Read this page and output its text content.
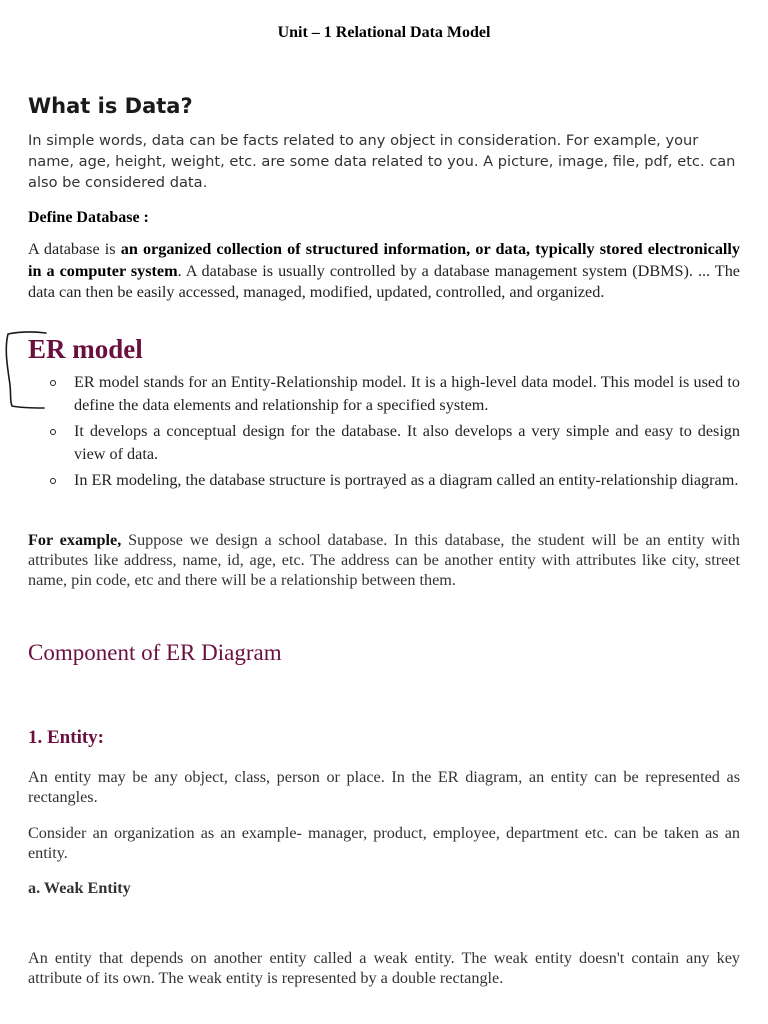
Unit – 1 Relational Data Model
What is Data?

In simple words, data can be facts related to any object in consideration. For example, your name, age, height, weight, etc. are some data related to you. A picture, image, file, pdf, etc. can also be considered data.

Define Database :

A database is an organized collection of structured information, or data, typically stored electronically in a computer system. A database is usually controlled by a database management system (DBMS). ... The data can then be easily accessed, managed, modified, updated, controlled, and organized.

ER model
ER model stands for an Entity-Relationship model. It is a high-level data model. This model is used to define the data elements and relationship for a specified system.
It develops a conceptual design for the database. It also develops a very simple and easy to design view of data.
In ER modeling, the database structure is portrayed as a diagram called an entity-relationship diagram.

For example, Suppose we design a school database. In this database, the student will be an entity with attributes like address, name, id, age, etc. The address can be another entity with attributes like city, street name, pin code, etc and there will be a relationship between them.

Component of ER Diagram
1. Entity:

An entity may be any object, class, person or place. In the ER diagram, an entity can be represented as rectangles.

Consider an organization as an example- manager, product, employee, department etc. can be taken as an entity.

a. Weak Entity

An entity that depends on another entity called a weak entity. The weak entity doesn't contain any key attribute of its own. The weak entity is represented by a double rectangle.
